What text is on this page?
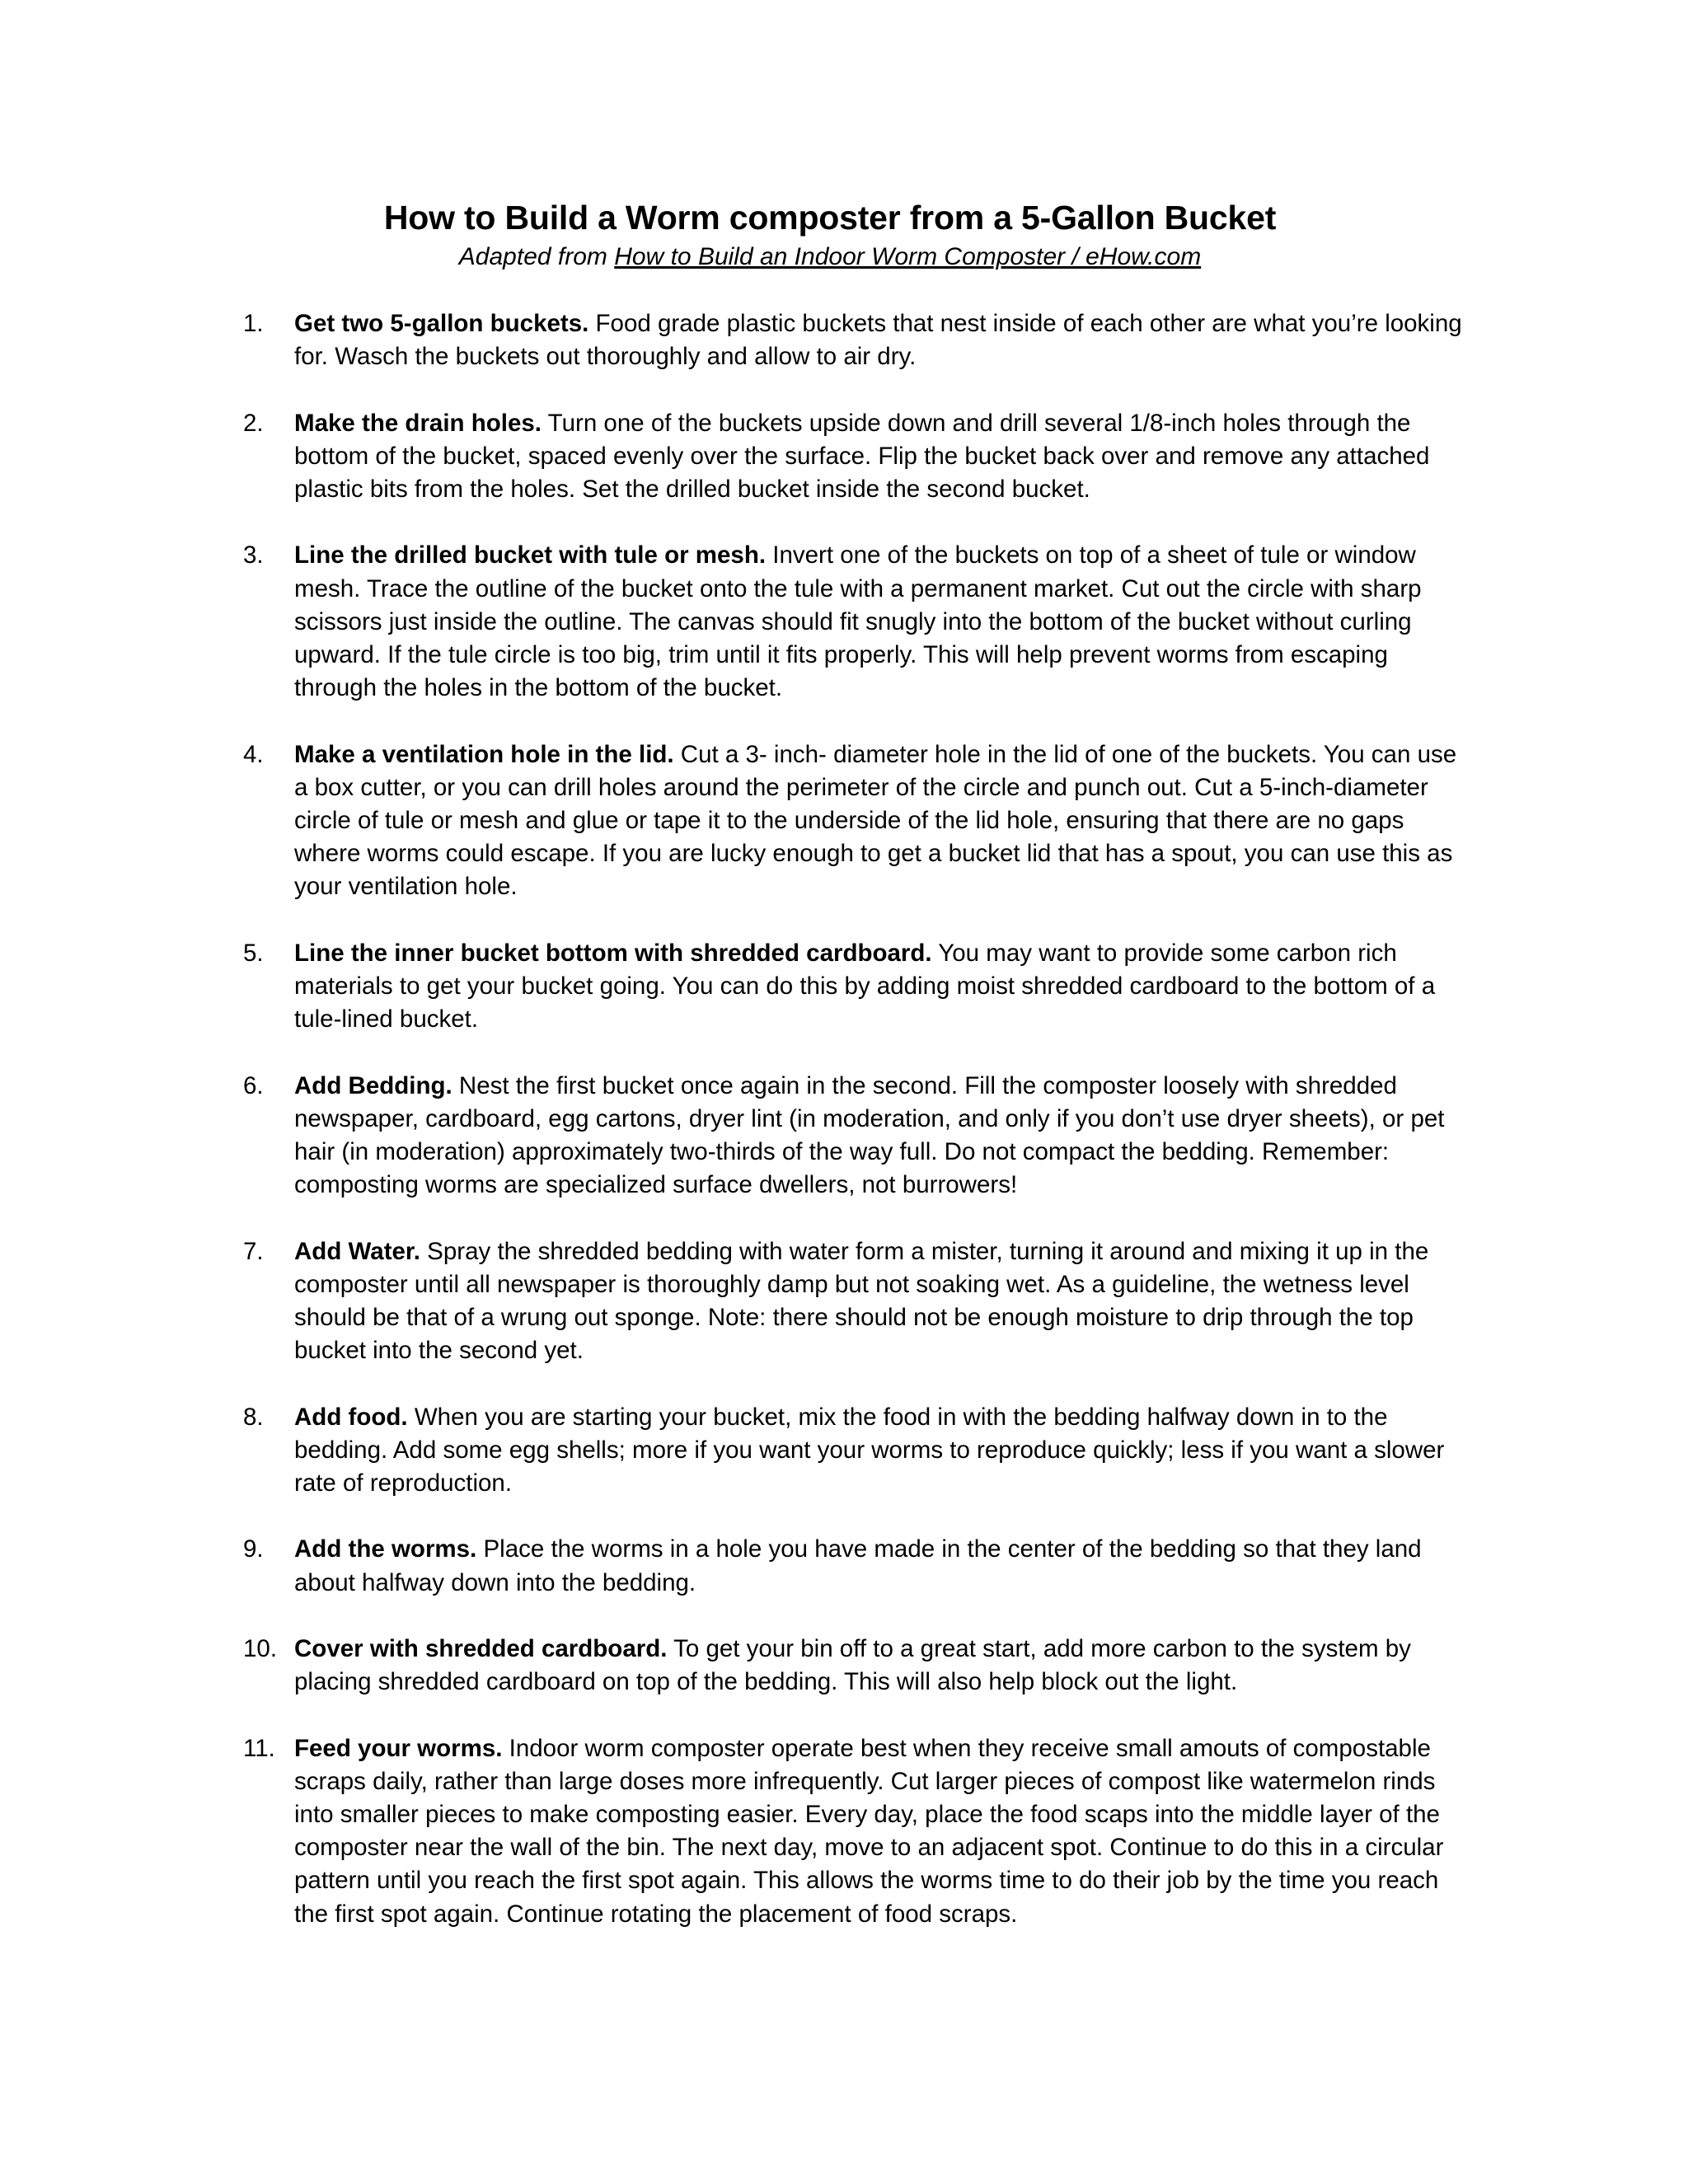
How to Build a Worm composter from a 5-Gallon Bucket
Adapted from How to Build an Indoor Worm Composter / eHow.com
1. Get two 5-gallon buckets. Food grade plastic buckets that nest inside of each other are what you’re looking for. Wasch the buckets out thoroughly and allow to air dry.
2. Make the drain holes. Turn one of the buckets upside down and drill several 1/8-inch holes through the bottom of the bucket, spaced evenly over the surface. Flip the bucket back over and remove any attached plastic bits from the holes. Set the drilled bucket inside the second bucket.
3. Line the drilled bucket with tule or mesh. Invert one of the buckets on top of a sheet of tule or window mesh. Trace the outline of the bucket onto the tule with a permanent market. Cut out the circle with sharp scissors just inside the outline. The canvas should fit snugly into the bottom of the bucket without curling upward. If the tule circle is too big, trim until it fits properly. This will help prevent worms from escaping through the holes in the bottom of the bucket.
4. Make a ventilation hole in the lid. Cut a 3- inch- diameter hole in the lid of one of the buckets. You can use a box cutter, or you can drill holes around the perimeter of the circle and punch out. Cut a 5-inch-diameter circle of tule or mesh and glue or tape it to the underside of the lid hole, ensuring that there are no gaps where worms could escape. If you are lucky enough to get a bucket lid that has a spout, you can use this as your ventilation hole.
5. Line the inner bucket bottom with shredded cardboard. You may want to provide some carbon rich materials to get your bucket going. You can do this by adding moist shredded cardboard to the bottom of a tule-lined bucket.
6. Add Bedding. Nest the first bucket once again in the second. Fill the composter loosely with shredded newspaper, cardboard, egg cartons, dryer lint (in moderation, and only if you don’t use dryer sheets), or pet hair (in moderation) approximately two-thirds of the way full. Do not compact the bedding. Remember: composting worms are specialized surface dwellers, not burrowers!
7. Add Water. Spray the shredded bedding with water form a mister, turning it around and mixing it up in the composter until all newspaper is thoroughly damp but not soaking wet. As a guideline, the wetness level should be that of a wrung out sponge. Note: there should not be enough moisture to drip through the top bucket into the second yet.
8. Add food. When you are starting your bucket, mix the food in with the bedding halfway down in to the bedding. Add some egg shells; more if you want your worms to reproduce quickly; less if you want a slower rate of reproduction.
9. Add the worms. Place the worms in a hole you have made in the center of the bedding so that they land about halfway down into the bedding.
10. Cover with shredded cardboard. To get your bin off to a great start, add more carbon to the system by placing shredded cardboard on top of the bedding. This will also help block out the light.
11. Feed your worms. Indoor worm composter operate best when they receive small amouts of compostable scraps daily, rather than large doses more infrequently. Cut larger pieces of compost like watermelon rinds into smaller pieces to make composting easier. Every day, place the food scaps into the middle layer of the composter near the wall of the bin. The next day, move to an adjacent spot. Continue to do this in a circular pattern until you reach the first spot again. This allows the worms time to do their job by the time you reach the first spot again. Continue rotating the placement of food scraps.
